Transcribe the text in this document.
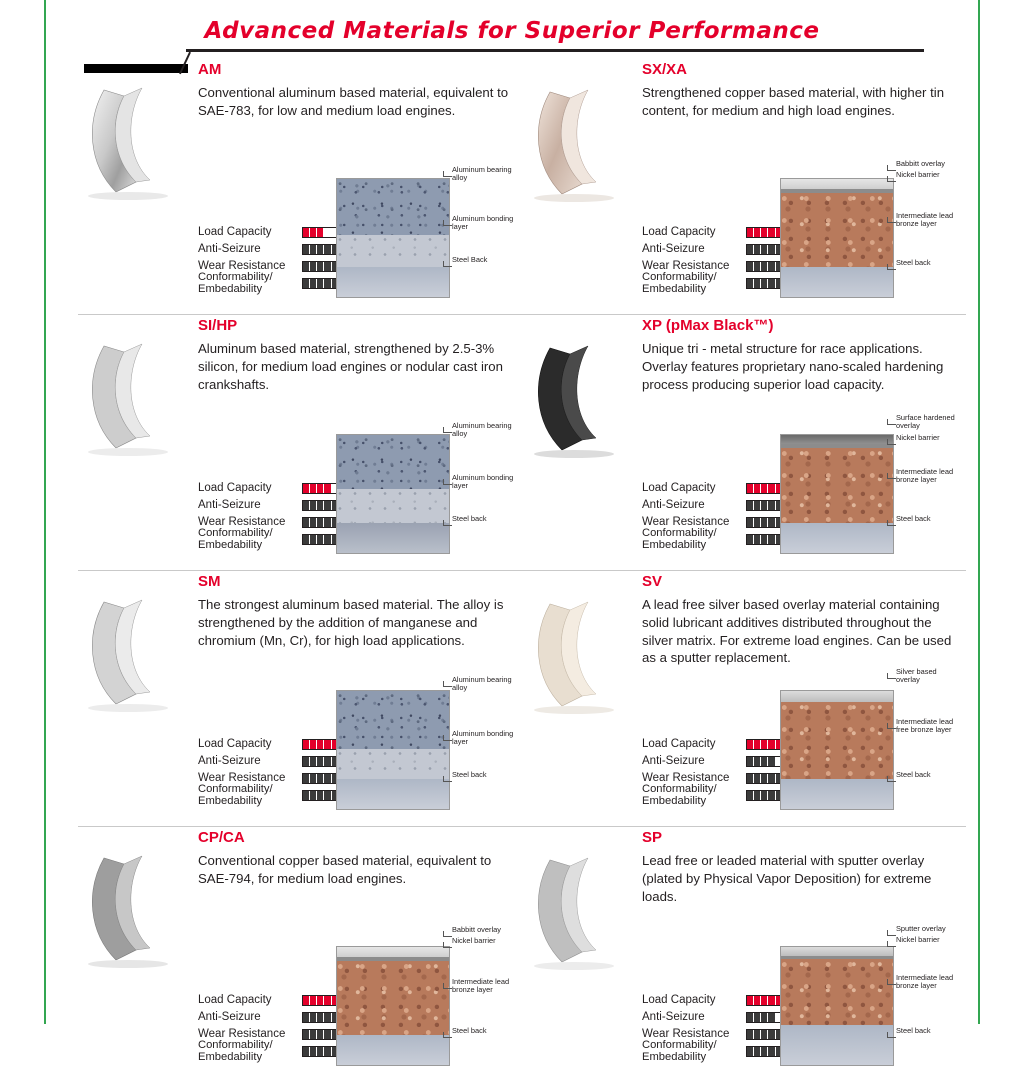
Advanced Materials for Superior Performance
AM
Conventional aluminum based material, equivalent to SAE-783, for low and medium load engines.
Load Capacity
Anti-Seizure
Wear Resistance
Conformability/
Embedability
Aluminum bearing alloy
Aluminum bonding layer
Steel Back
SX/XA
Strengthened copper based material, with higher tin content, for medium and high load engines.
Load Capacity
Anti-Seizure
Wear Resistance
Conformability/
Embedability
Babbitt overlay
Nickel barrier
Intermediate lead bronze layer
Steel back
SI/HP
Aluminum based material, strengthened by 2.5-3% silicon, for medium load engines or nodular cast iron crankshafts.
Load Capacity
Anti-Seizure
Wear Resistance
Conformability/
Embedability
Aluminum bearing alloy
Aluminum bonding layer
Steel back
XP (pMax Black™)
Unique tri - metal structure for race applications. Overlay features proprietary nano-scaled hardening process producing superior load capacity.
Load Capacity
Anti-Seizure
Wear Resistance
Conformability/
Embedability
Surface hardened overlay
Nickel barrier
Intermediate lead bronze layer
Steel back
SM
The strongest aluminum based material. The alloy is strengthened by the addition of manganese and chromium (Mn, Cr), for high load applications.
Load Capacity
Anti-Seizure
Wear Resistance
Conformability/
Embedability
Aluminum bearing alloy
Aluminum bonding layer
Steel back
SV
A lead free silver based overlay material containing solid lubricant additives distributed throughout the silver matrix. For extreme load engines. Can be used as a sputter replacement.
Load Capacity
Anti-Seizure
Wear Resistance
Conformability/
Embedability
Silver based overlay
Intermediate lead free bronze layer
Steel back
CP/CA
Conventional copper based material, equivalent to SAE-794, for medium load engines.
Load Capacity
Anti-Seizure
Wear Resistance
Conformability/
Embedability
Babbitt overlay
Nickel barrier
Intermediate lead bronze layer
Steel back
SP
Lead free or leaded material with sputter overlay (plated by Physical Vapor Deposition) for extreme loads.
Load Capacity
Anti-Seizure
Wear Resistance
Conformability/
Embedability
Sputter overlay
Nickel barrier
Intermediate lead bronze layer
Steel back
